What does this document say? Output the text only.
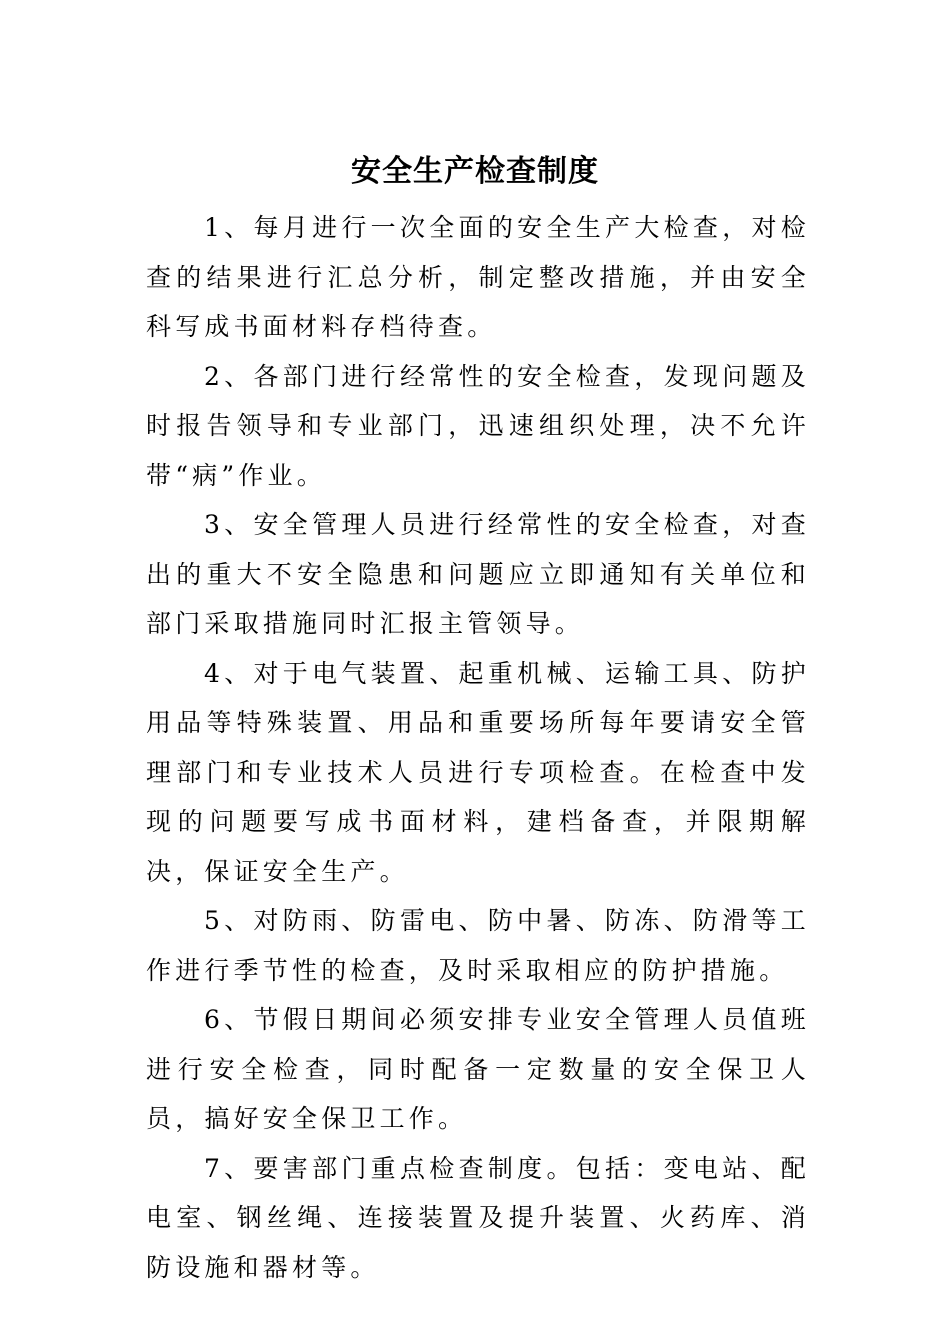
安全生产检查制度

1、每月进行一次全面的安全生产大检查，对检查的结果进行汇总分析，制定整改措施，并由安全科写成书面材料存档待查。

2、各部门进行经常性的安全检查，发现问题及时报告领导和专业部门，迅速组织处理，决不允许带“病”作业。

3、安全管理人员进行经常性的安全检查，对查出的重大不安全隐患和问题应立即通知有关单位和部门采取措施同时汇报主管领导。

4、对于电气装置、起重机械、运输工具、防护用品等特殊装置、用品和重要场所每年要请安全管理部门和专业技术人员进行专项检查。在检查中发现的问题要写成书面材料，建档备查，并限期解决，保证安全生产。

5、对防雨、防雷电、防中暑、防冻、防滑等工作进行季节性的检查，及时采取相应的防护措施。

6、节假日期间必须安排专业安全管理人员值班进行安全检查，同时配备一定数量的安全保卫人员，搞好安全保卫工作。

7、要害部门重点检查制度。包括：变电站、配电室、钢丝绳、连接装置及提升装置、火药库、消防设施和器材等。
